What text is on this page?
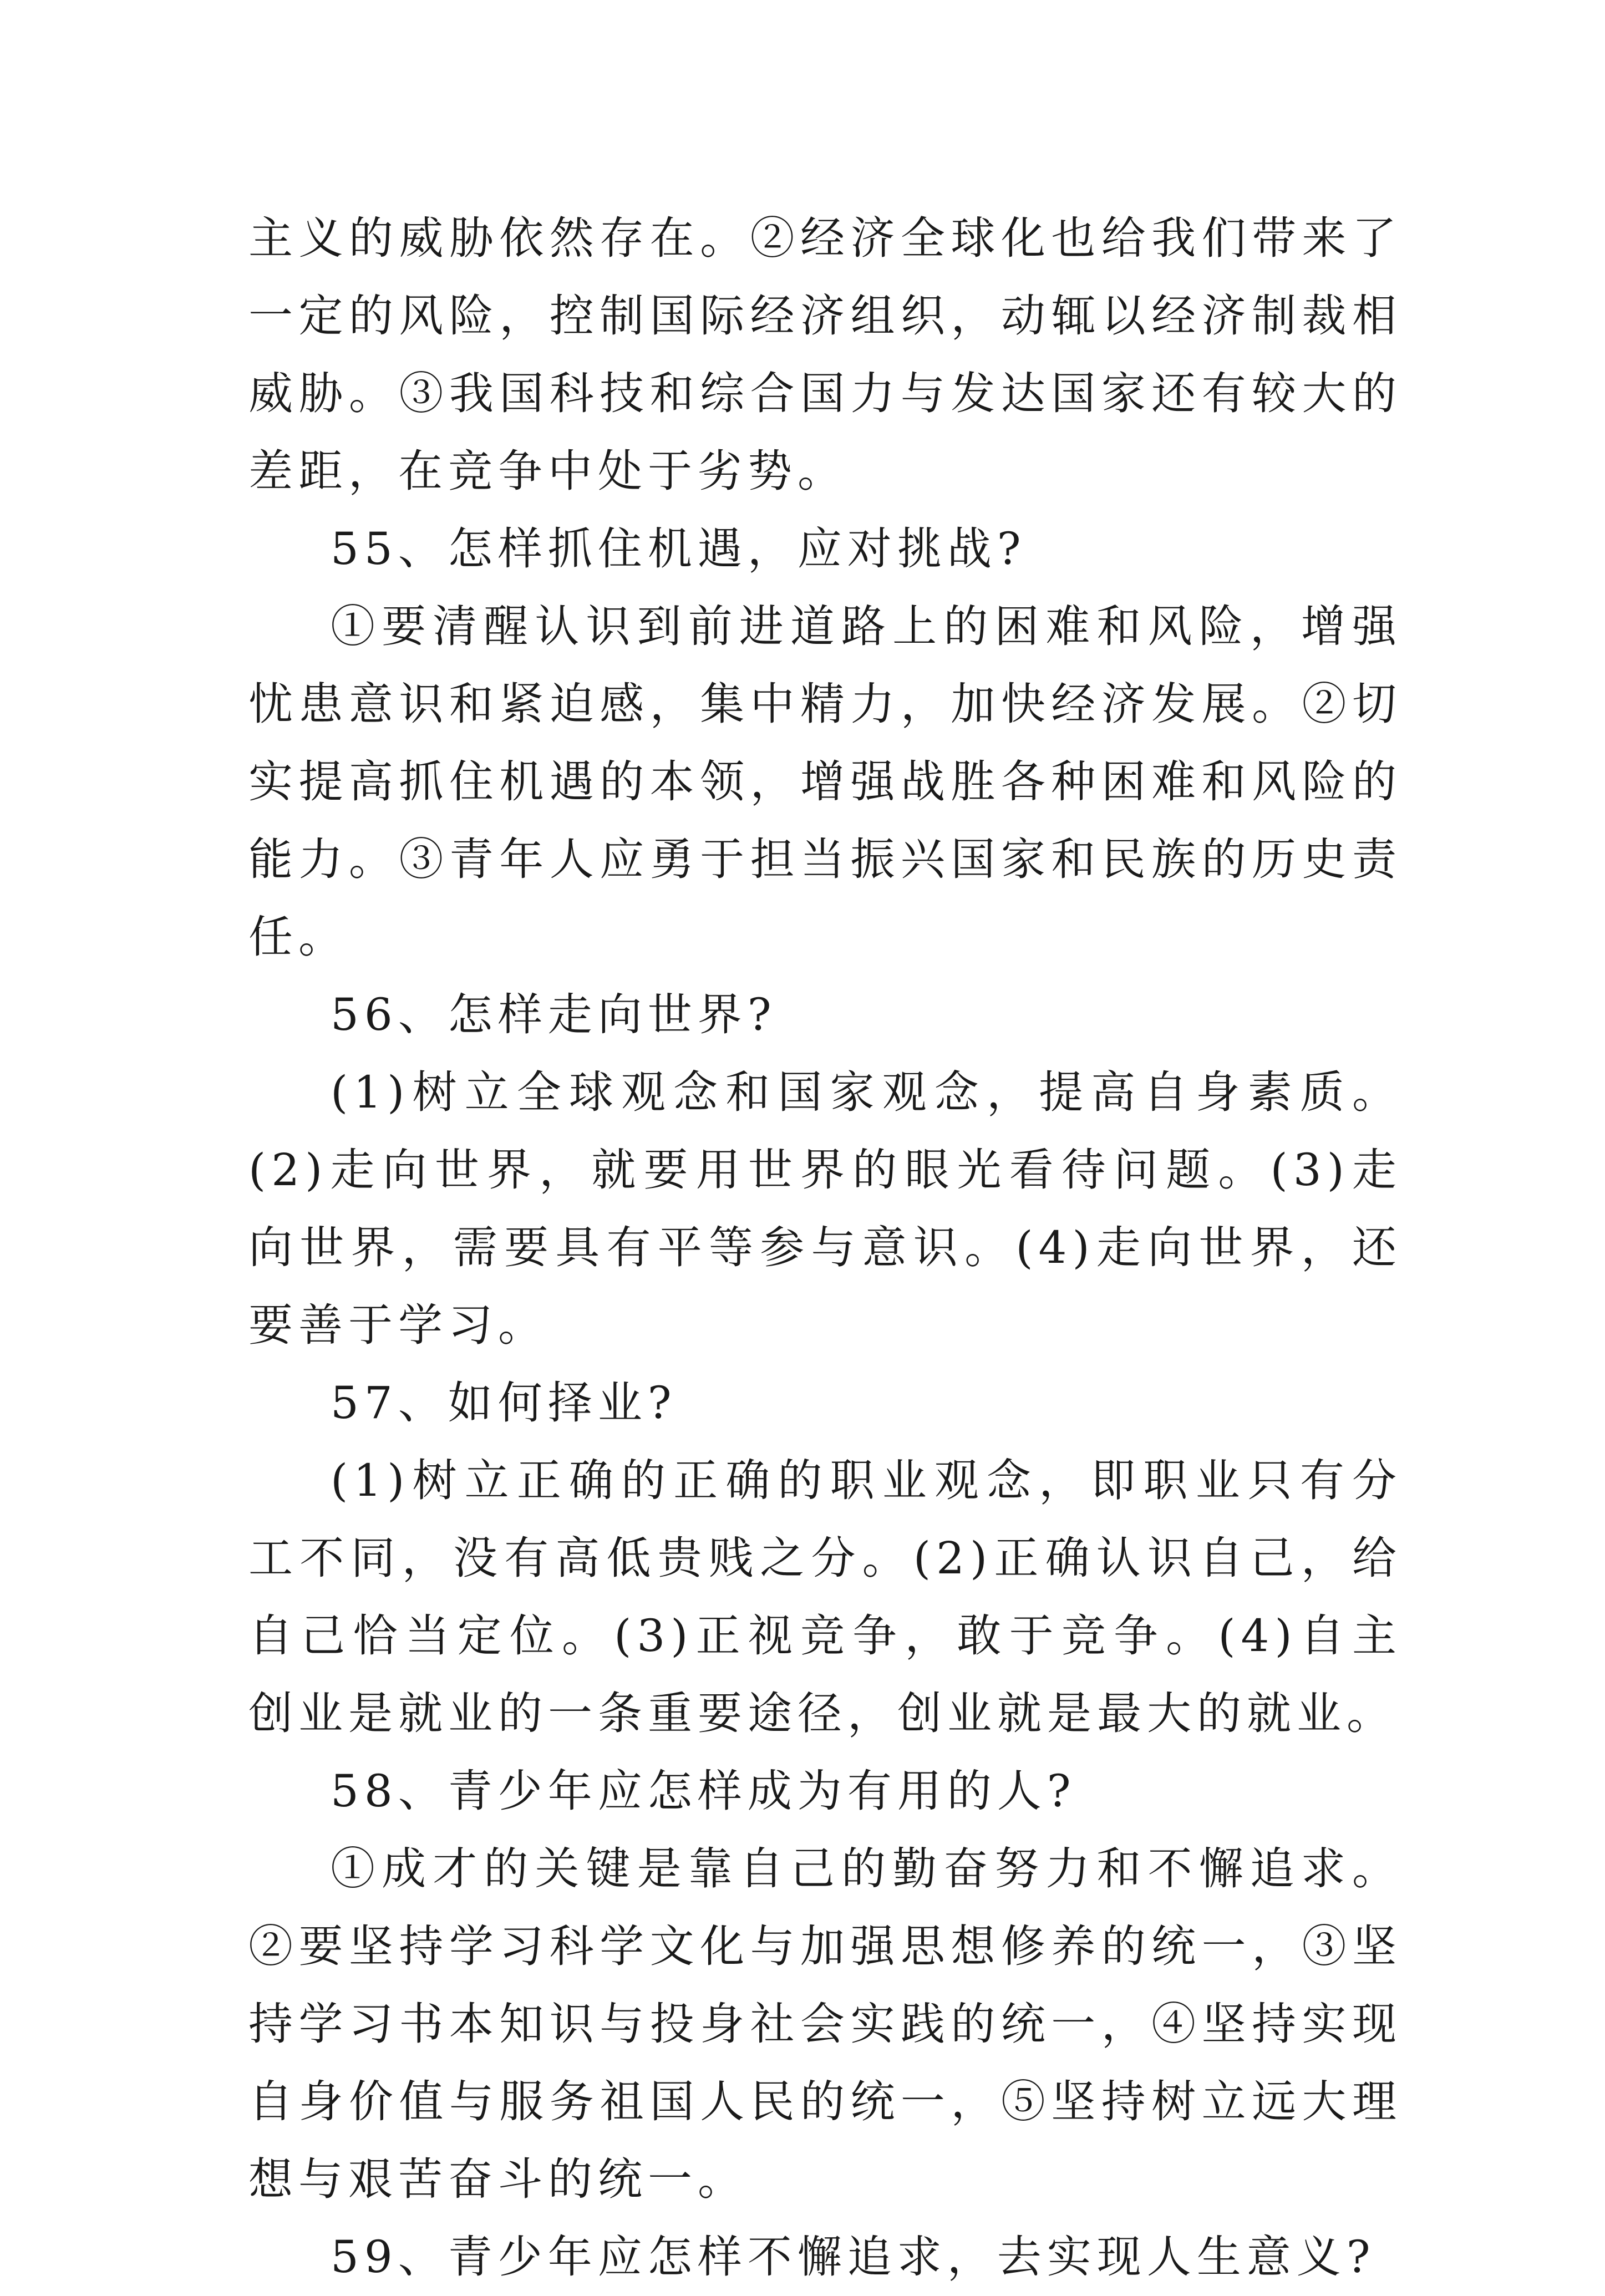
主义的威胁依然存在。②经济全球化也给我们带来了一定的风险，控制国际经济组织，动辄以经济制裁相威胁。③我国科技和综合国力与发达国家还有较大的差距，在竞争中处于劣势。

55、怎样抓住机遇，应对挑战?

①要清醒认识到前进道路上的困难和风险，增强忧患意识和紧迫感，集中精力，加快经济发展。②切实提高抓住机遇的本领，增强战胜各种困难和风险的能力。③青年人应勇于担当振兴国家和民族的历史责任。

56、怎样走向世界?

(1)树立全球观念和国家观念，提高自身素质。(2)走向世界，就要用世界的眼光看待问题。(3)走向世界，需要具有平等参与意识。(4)走向世界，还要善于学习。

57、如何择业?

(1)树立正确的正确的职业观念，即职业只有分工不同，没有高低贵贱之分。(2)正确认识自己，给自己恰当定位。(3)正视竞争，敢于竞争。(4)自主创业是就业的一条重要途径，创业就是最大的就业。

58、青少年应怎样成为有用的人?

①成才的关键是靠自己的勤奋努力和不懈追求。②要坚持学习科学文化与加强思想修养的统一，③坚持学习书本知识与投身社会实践的统一，④坚持实现自身价值与服务祖国人民的统一，⑤坚持树立远大理想与艰苦奋斗的统一。

59、青少年应怎样不懈追求，去实现人生意义?
